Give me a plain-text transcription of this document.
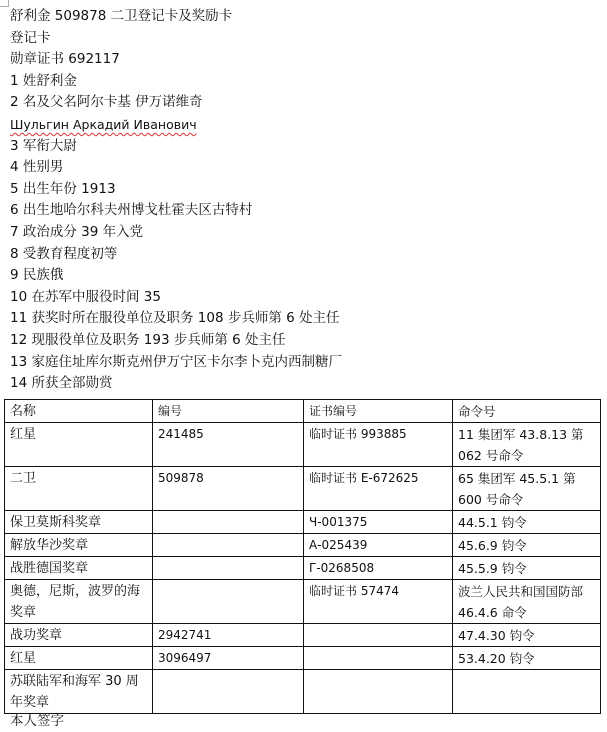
舒利金 509878 二卫登记卡及奖励卡
登记卡
勋章证书 692117
1 姓舒利金
2 名及父名阿尔卡基 伊万诺维奇
Шульгин Аркадий Иванович
3 军衔大尉
4 性别男
5 出生年份 1913
6 出生地哈尔科夫州博戈杜霍夫区古特村
7 政治成分 39 年入党
8 受教育程度初等
9 民族俄
10 在苏军中服役时间 35
11 获奖时所在服役单位及职务 108 步兵师第 6 处主任
12 现服役单位及职务 193 步兵师第 6 处主任
13 家庭住址库尔斯克州伊万宁区卡尔李卜克内西制糖厂
14 所获全部勋赏
名称	编号	证书编号	命令号
红星	241485	临时证书 993885	11 集团军 43.8.13 第 062 号命令
二卫	509878	临时证书 E-672625	65 集团军 45.5.1 第 600 号命令
保卫莫斯科奖章		Ч-001375	44.5.1 钧令
解放华沙奖章		А-025439	45.6.9 钧令
战胜德国奖章		Г-0268508	45.5.9 钧令
奥德，尼斯，波罗的海奖章		临时证书 57474	波兰人民共和国国防部 46.4.6 命令
战功奖章	2942741		47.4.30 钧令
红星	3096497		53.4.20 钧令
苏联陆军和海军 30 周年奖章			
本人签字
